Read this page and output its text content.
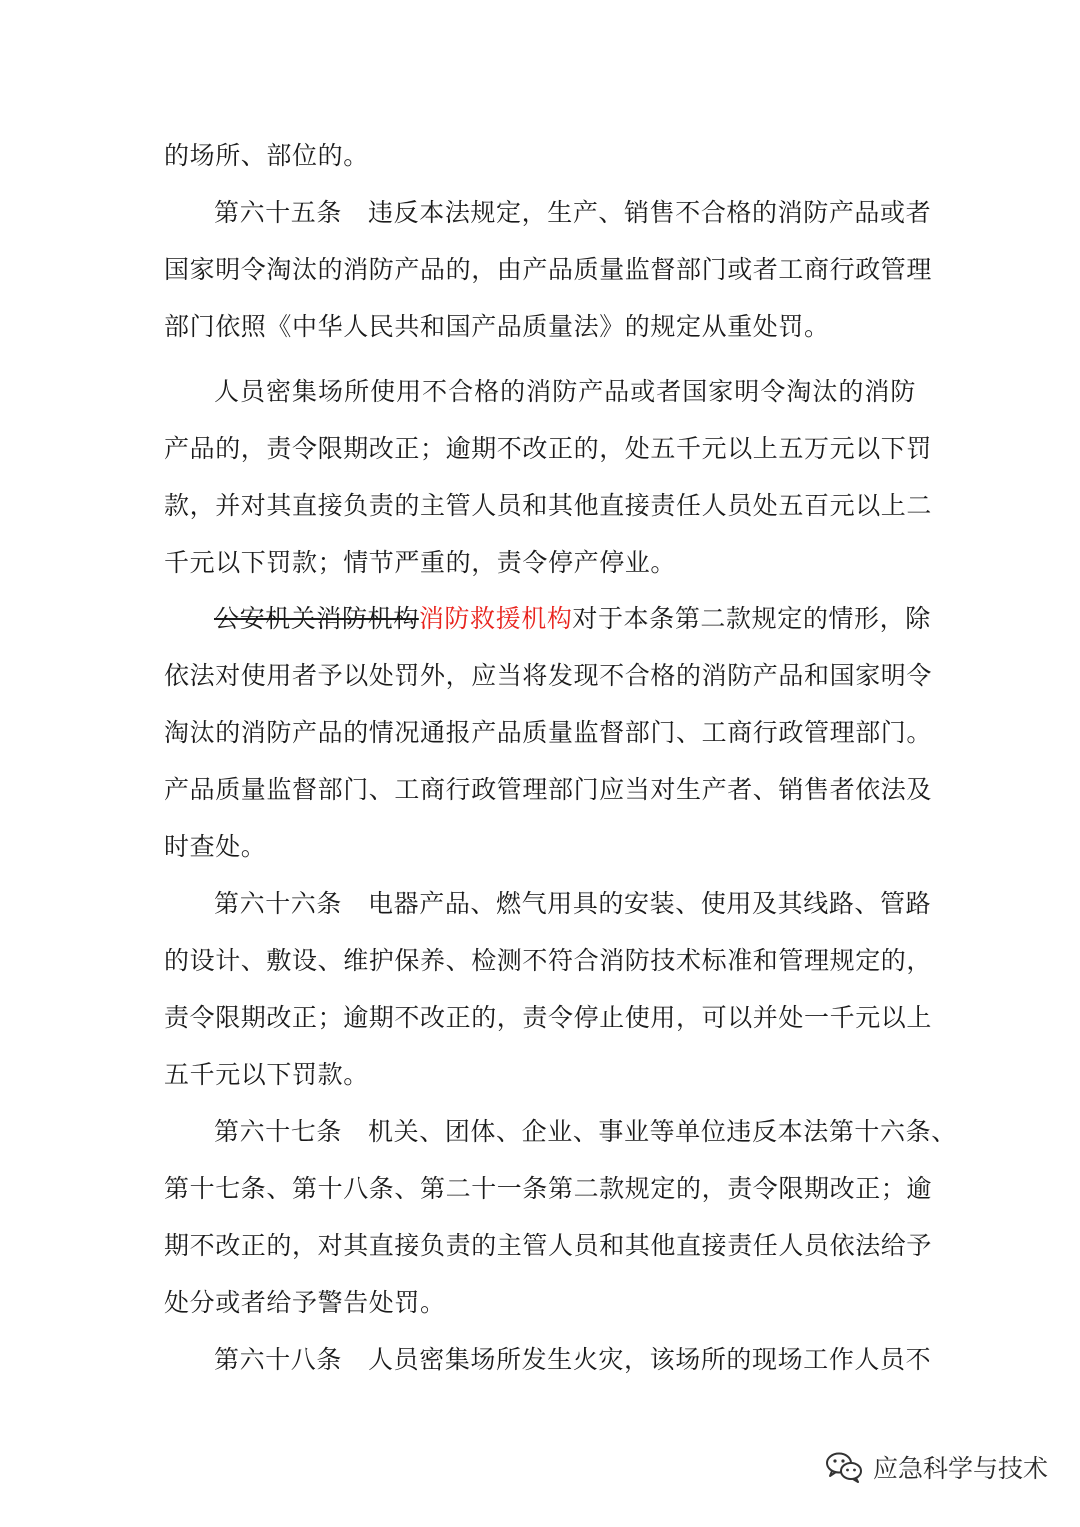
的场所、部位的。
第六十五条 违反本法规定，生产、销售不合格的消防产品或者
国家明令淘汰的消防产品的，由产品质量监督部门或者工商行政管理
部门依照《中华人民共和国产品质量法》的规定从重处罚。
人员密集场所使用不合格的消防产品或者国家明令淘汰的消防
产品的，责令限期改正；逾期不改正的，处五千元以上五万元以下罚
款，并对其直接负责的主管人员和其他直接责任人员处五百元以上二
千元以下罚款；情节严重的，责令停产停业。
公安机关消防机构消防救援机构对于本条第二款规定的情形，除
依法对使用者予以处罚外，应当将发现不合格的消防产品和国家明令
淘汰的消防产品的情况通报产品质量监督部门、工商行政管理部门。
产品质量监督部门、工商行政管理部门应当对生产者、销售者依法及
时查处。
第六十六条 电器产品、燃气用具的安装、使用及其线路、管路
的设计、敷设、维护保养、检测不符合消防技术标准和管理规定的，
责令限期改正；逾期不改正的，责令停止使用，可以并处一千元以上
五千元以下罚款。
第六十七条 机关、团体、企业、事业等单位违反本法第十六条、
第十七条、第十八条、第二十一条第二款规定的，责令限期改正；逾
期不改正的，对其直接负责的主管人员和其他直接责任人员依法给予
处分或者给予警告处罚。
第六十八条 人员密集场所发生火灾，该场所的现场工作人员不
应急科学与技术
